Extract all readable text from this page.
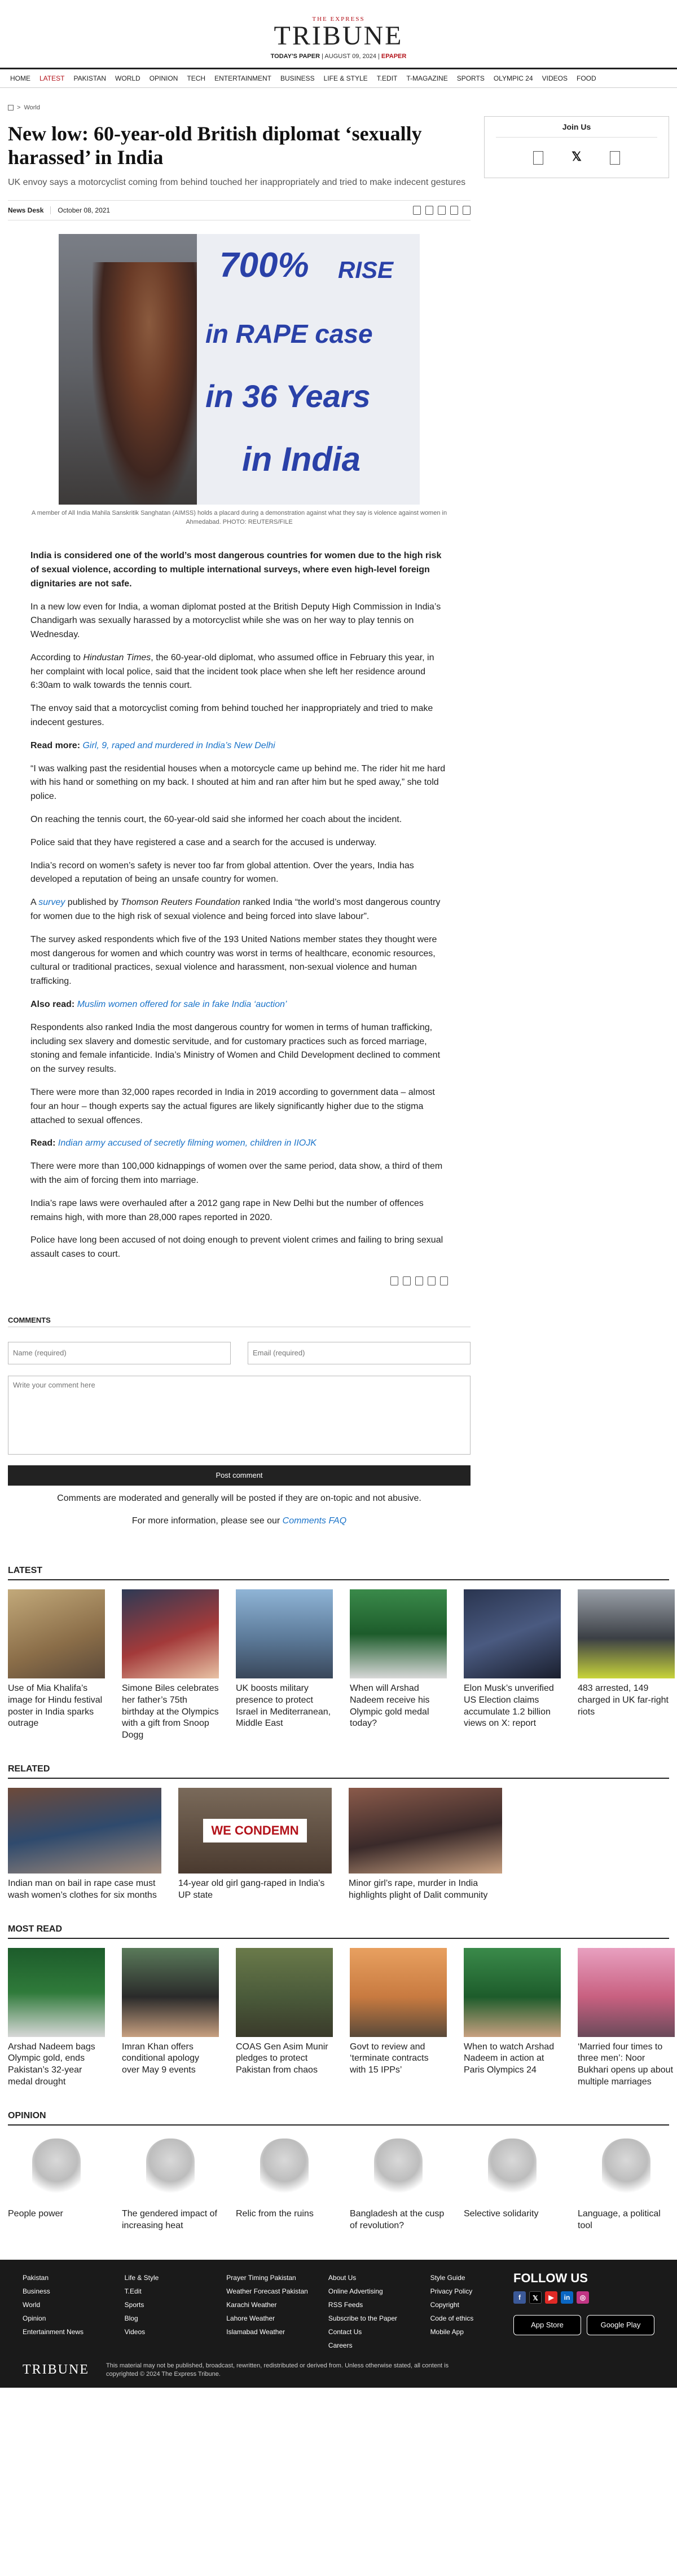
THE EXPRESS
TRIBUNE
TODAY'S PAPER | AUGUST 09, 2024 | EPAPER
HOME	LATEST	PAKISTAN	WORLD	OPINION	TECH	ENTERTAINMENT	BUSINESS	LIFE & STYLE	T.EDIT	T-MAGAZINE	SPORTS	OLYMPIC 24	VIDEOS	FOOD
> World
New low: 60-year-old British diplomat ‘sexually harassed’ in India

UK envoy says a motorcyclist coming from behind touched her inappropriately and tried to make indecent gestures

News Desk	October 08, 2021
700% RISE
in RAPE case
in 36 Years
in India
A member of All India Mahila Sanskritik Sanghatan (AIMSS) holds a placard during a demonstration against what they say is violence against women in Ahmedabad. PHOTO: REUTERS/FILE

India is considered one of the world’s most dangerous countries for women due to the high risk of sexual violence, according to multiple international surveys, where even high-level foreign dignitaries are not safe.

In a new low even for India, a woman diplomat posted at the British Deputy High Commission in India’s Chandigarh was sexually harassed by a motorcyclist while she was on her way to play tennis on Wednesday.

According to Hindustan Times, the 60-year-old diplomat, who assumed office in February this year, in her complaint with local police, said that the incident took place when she left her residence around 6:30am to walk towards the tennis court.

The envoy said that a motorcyclist coming from behind touched her inappropriately and tried to make indecent gestures.

Read more: Girl, 9, raped and murdered in India’s New Delhi

“I was walking past the residential houses when a motorcycle came up behind me. The rider hit me hard with his hand or something on my back. I shouted at him and ran after him but he sped away,” she told police.

On reaching the tennis court, the 60-year-old said she informed her coach about the incident.

Police said that they have registered a case and a search for the accused is underway.

India’s record on women’s safety is never too far from global attention. Over the years, India has developed a reputation of being an unsafe country for women.

A survey published by Thomson Reuters Foundation ranked India “the world’s most dangerous country for women due to the high risk of sexual violence and being forced into slave labour”.

The survey asked respondents which five of the 193 United Nations member states they thought were most dangerous for women and which country was worst in terms of healthcare, economic resources, cultural or traditional practices, sexual violence and harassment, non-sexual violence and human trafficking.

Also read: Muslim women offered for sale in fake India ‘auction’

Respondents also ranked India the most dangerous country for women in terms of human trafficking, including sex slavery and domestic servitude, and for customary practices such as forced marriage, stoning and female infanticide. India’s Ministry of Women and Child Development declined to comment on the survey results.

There were more than 32,000 rapes recorded in India in 2019 according to government data – almost four an hour – though experts say the actual figures are likely significantly higher due to the stigma attached to sexual offences.

Read: Indian army accused of secretly filming women, children in IIOJK

There were more than 100,000 kidnappings of women over the same period, data show, a third of them with the aim of forcing them into marriage.

India’s rape laws were overhauled after a 2012 gang rape in New Delhi but the number of offences remains high, with more than 28,000 rapes reported in 2020.

Police have long been accused of not doing enough to prevent violent crimes and failing to bring sexual assault cases to court.

COMMENTS
Name (required)
Email (required)
Write your comment here Post comment

Comments are moderated and generally will be posted if they are on-topic and not abusive.

For more information, please see our Comments FAQ

Join Us
𝕏
LATEST
Use of Mia Khalifa’s image for Hindu festival poster in India sparks outrage
Simone Biles celebrates her father’s 75th birthday at the Olympics with a gift from Snoop Dogg
UK boosts military presence to protect Israel in Mediterranean, Middle East
When will Arshad Nadeem receive his Olympic gold medal today?
Elon Musk’s unverified US Election claims accumulate 1.2 billion views on X: report
483 arrested, 149 charged in UK far-right riots
RELATED
Indian man on bail in rape case must wash women’s clothes for six months
WE CONDEMN
14-year old girl gang-raped in India’s UP state
Minor girl’s rape, murder in India highlights plight of Dalit community
MOST READ
Arshad Nadeem bags Olympic gold, ends Pakistan’s 32-year medal drought
Imran Khan offers conditional apology over May 9 events
COAS Gen Asim Munir pledges to protect Pakistan from chaos
Govt to review and ‘terminate contracts with 15 IPPs’
When to watch Arshad Nadeem in action at Paris Olympics 24
‘Married four times to three men’: Noor Bukhari opens up about multiple marriages
OPINION
People power	The gendered impact of increasing heat
Relic from the ruins	Bangladesh at the cusp of revolution?
Selective solidarity	Language, a political tool
Pakistan
Business
World
Opinion
Entertainment News
Life & Style
T.Edit
Sports
Blog
Videos
Prayer Timing Pakistan
Weather Forecast Pakistan
Karachi Weather
Lahore Weather
Islamabad Weather
About Us
Online Advertising
RSS Feeds
Subscribe to the Paper
Contact Us
Careers
Style Guide
Privacy Policy
Copyright
Code of ethics
Mobile App
FOLLOW US
f	𝕏	▶	in	◎
App Store	Google Play
TRIBUNE	This material may not be published, broadcast, rewritten, redistributed or derived from. Unless otherwise stated, all content is copyrighted © 2024 The Express Tribune.
